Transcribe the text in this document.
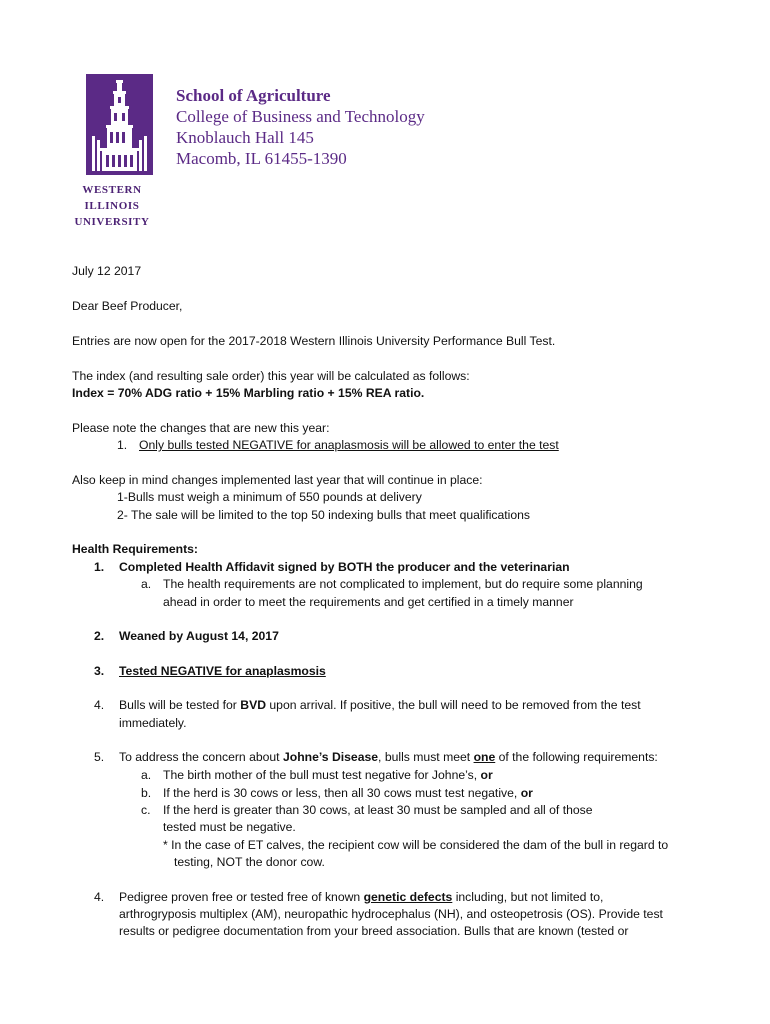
WESTERN
ILLINOIS
UNIVERSITY
School of Agriculture
College of Business and Technology
Knoblauch Hall 145
Macomb, IL 61455-1390
July 12 2017
Dear Beef Producer,
Entries are now open for the 2017-2018 Western Illinois University Performance Bull Test.
The index (and resulting sale order) this year will be calculated as follows:
Index = 70% ADG ratio + 15% Marbling ratio + 15% REA ratio.
Please note the changes that are new this year:
1. Only bulls tested NEGATIVE for anaplasmosis will be allowed to enter the test
Also keep in mind changes implemented last year that will continue in place:
1-Bulls must weigh a minimum of 550 pounds at delivery
2- The sale will be limited to the top 50 indexing bulls that meet qualifications
Health Requirements:
1. Completed Health Affidavit signed by BOTH the producer and the veterinarian
a. The health requirements are not complicated to implement, but do require some planning
ahead in order to meet the requirements and get certified in a timely manner
2. Weaned by August 14, 2017
3. Tested NEGATIVE for anaplasmosis
4. Bulls will be tested for BVD upon arrival. If positive, the bull will need to be removed from the test
immediately.
5. To address the concern about Johne’s Disease, bulls must meet one of the following requirements:
a. The birth mother of the bull must test negative for Johne’s, or
b. If the herd is 30 cows or less, then all 30 cows must test negative, or
c. If the herd is greater than 30 cows, at least 30 must be sampled and all of those
tested must be negative.
* In the case of ET calves, the recipient cow will be considered the dam of the bull in regard to
testing, NOT the donor cow.
4. Pedigree proven free or tested free of known genetic defects including, but not limited to,
arthrogryposis multiplex (AM), neuropathic hydrocephalus (NH), and osteopetrosis (OS). Provide test
results or pedigree documentation from your breed association. Bulls that are known (tested or
